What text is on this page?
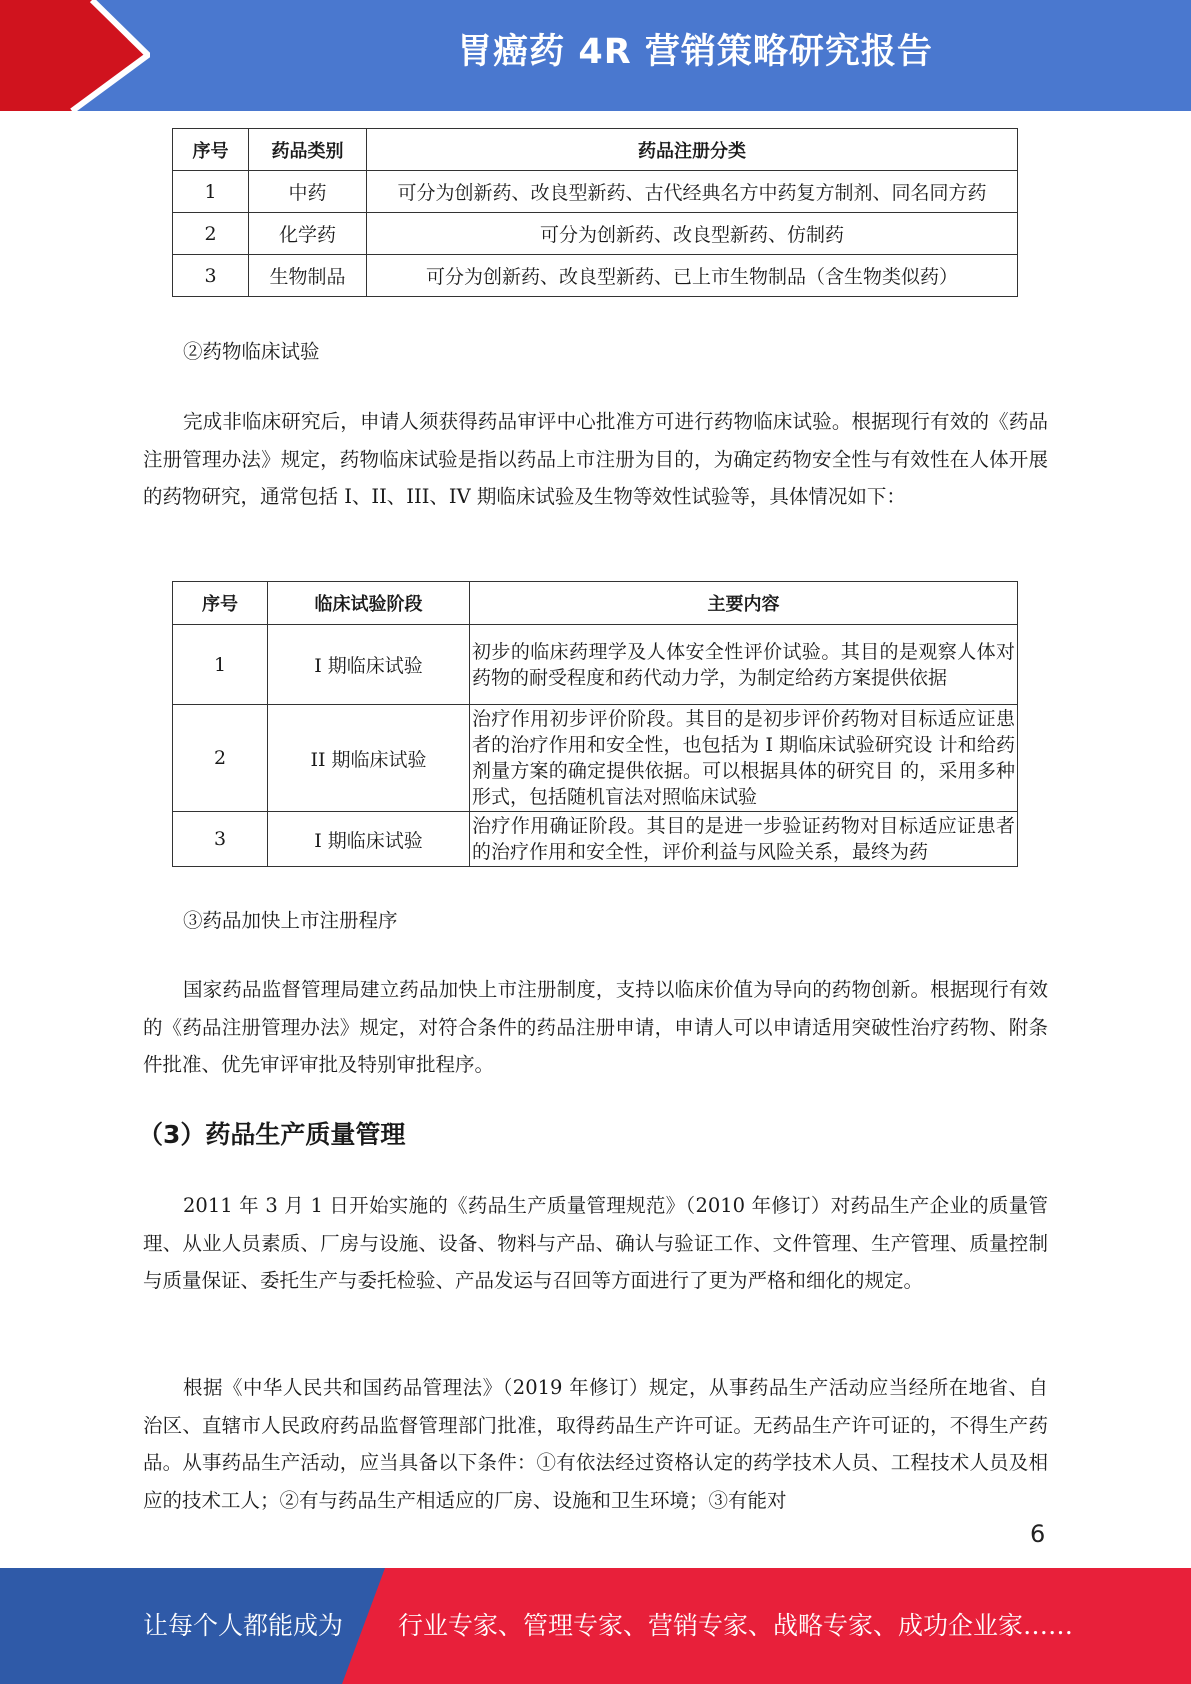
胃癌药 4R 营销策略研究报告
序号	药品类别	药品注册分类
1	中药	可分为创新药、改良型新药、古代经典名方中药复方制剂、同名同方药
2	化学药	可分为创新药、改良型新药、仿制药
3	生物制品	可分为创新药、改良型新药、已上市生物制品（含生物类似药）

②药物临床试验

完成非临床研究后，申请人须获得药品审评中心批准方可进行药物临床试验。根据现行有效的《药品注册管理办法》规定，药物临床试验是指以药品上市注册为目的，为确定药物安全性与有效性在人体开展的药物研究，通常包括 I、II、III、IV 期临床试验及生物等效性试验等，具体情况如下：

序号	临床试验阶段	主要内容
1	I 期临床试验	初步的临床药理学及人体安全性评价试验。其目的是观察人体对药物的耐受程度和药代动力学，为制定给药方案提供依据
2	II 期临床试验	治疗作用初步评价阶段。其目的是初步评价药物对目标适应证患者的治疗作用和安全性，也包括为 I 期临床试验研究设 计和给药剂量方案的确定提供依据。可以根据具体的研究目 的，采用多种形式，包括随机盲法对照临床试验
3	I 期临床试验	治疗作用确证阶段。其目的是进一步验证药物对目标适应证患者的治疗作用和安全性，评价利益与风险关系，最终为药

③药品加快上市注册程序

国家药品监督管理局建立药品加快上市注册制度，支持以临床价值为导向的药物创新。根据现行有效的《药品注册管理办法》规定，对符合条件的药品注册申请，申请人可以申请适用突破性治疗药物、附条件批准、优先审评审批及特别审批程序。

（3）药品生产质量管理

2011 年 3 月 1 日开始实施的《药品生产质量管理规范》（2010 年修订）对药品生产企业的质量管理、从业人员素质、厂房与设施、设备、物料与产品、确认与验证工作、文件管理、生产管理、质量控制与质量保证、委托生产与委托检验、产品发运与召回等方面进行了更为严格和细化的规定。

根据《中华人民共和国药品管理法》（2019 年修订）规定，从事药品生产活动应当经所在地省、自治区、直辖市人民政府药品监督管理部门批准，取得药品生产许可证。无药品生产许可证的，不得生产药品。从事药品生产活动，应当具备以下条件：①有依法经过资格认定的药学技术人员、工程技术人员及相应的技术工人；②有与药品生产相适应的厂房、设施和卫生环境；③有能对

6
让每个人都能成为 行业专家、管理专家、营销专家、战略专家、成功企业家……
